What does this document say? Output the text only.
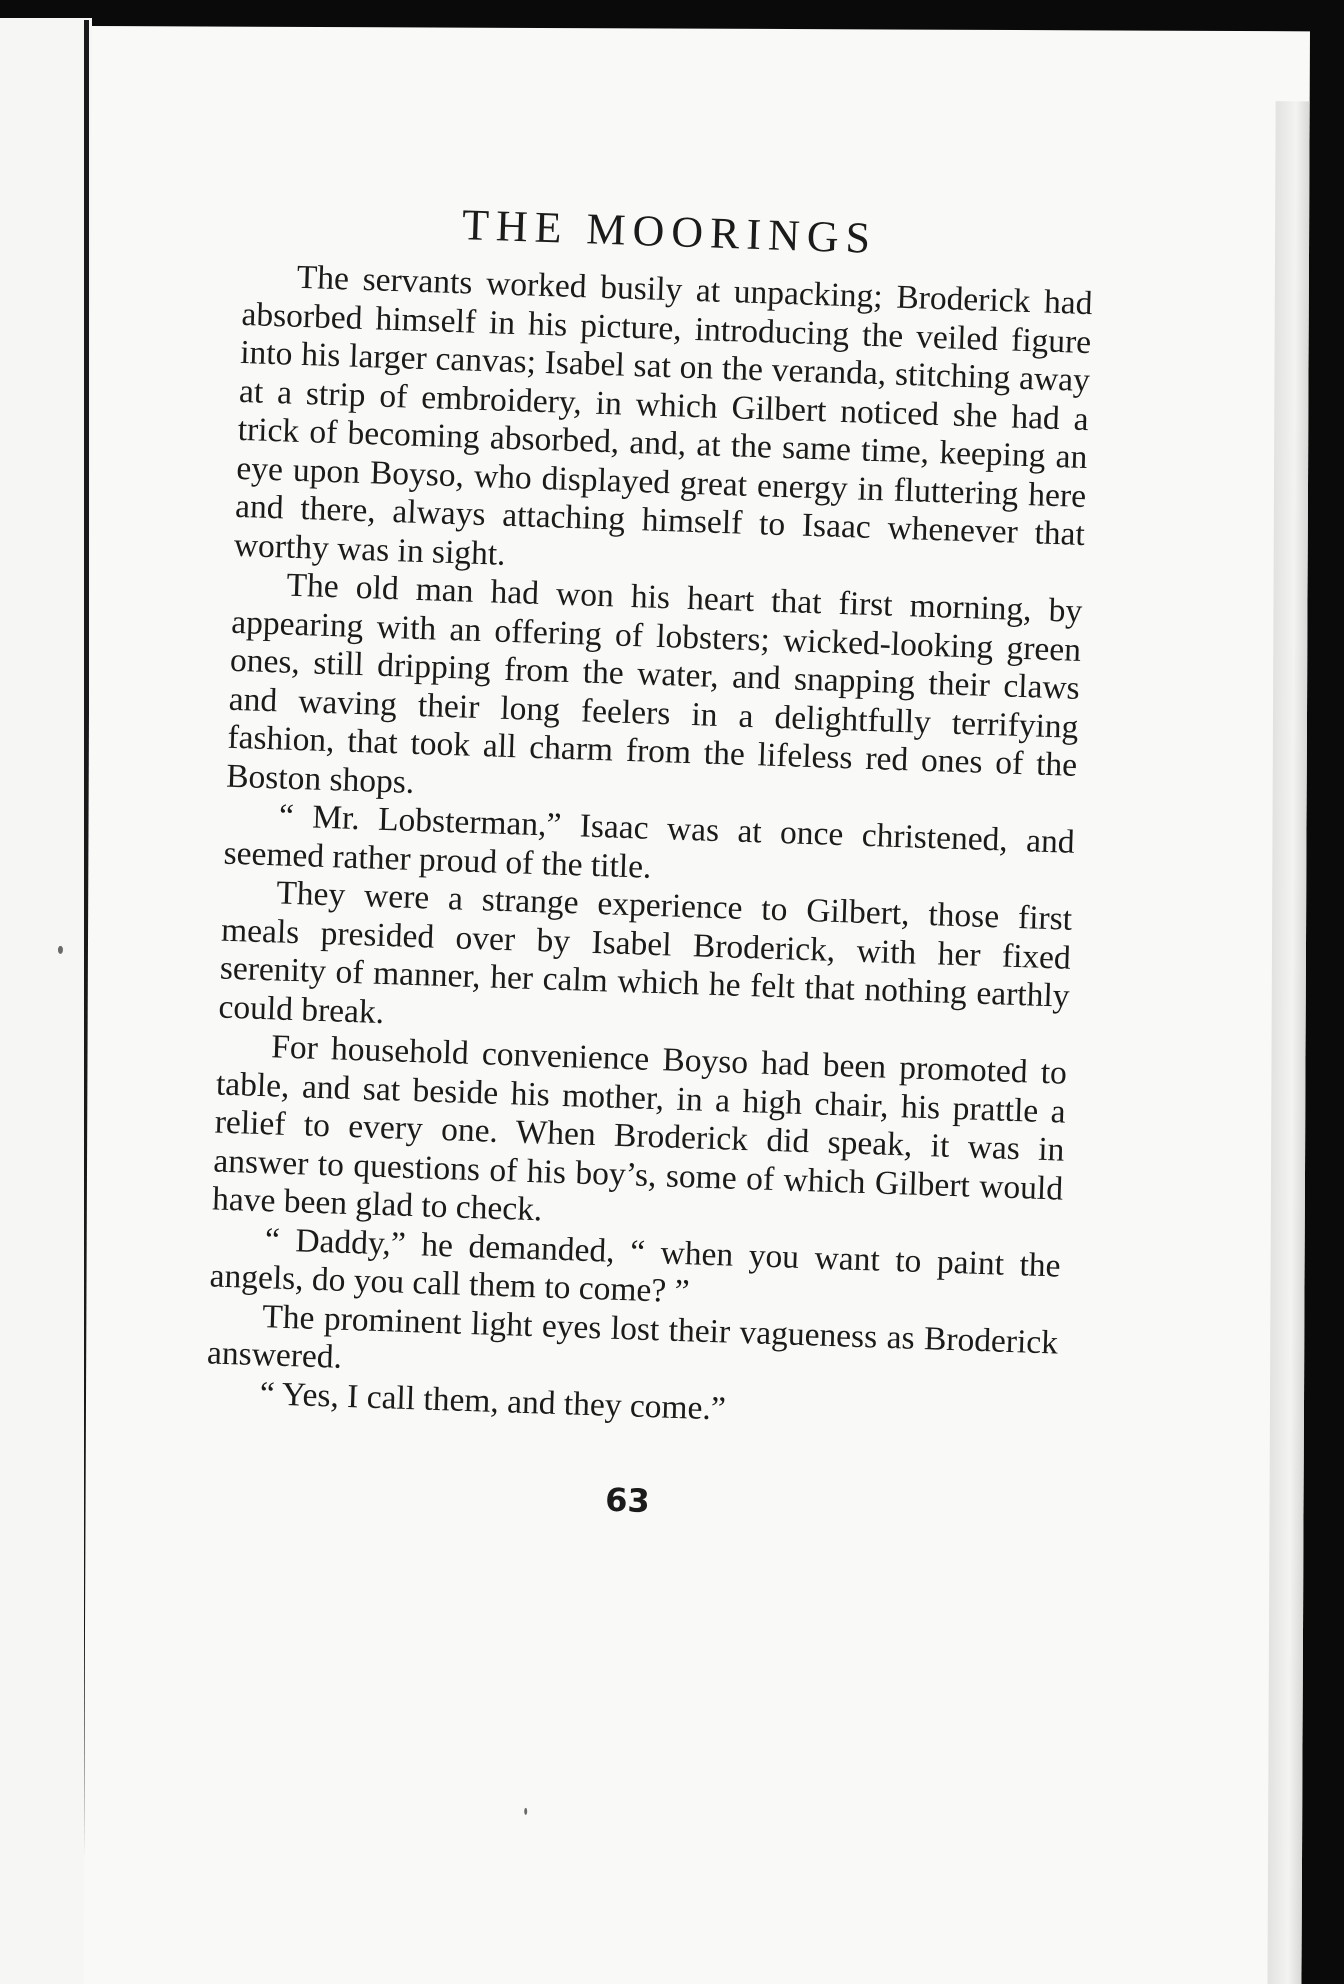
THE MOORINGS

The servants worked busily at unpacking; Broderick had absorbed himself in his picture, introducing the veiled figure into his larger canvas; Isabel sat on the veranda, stitching away at a strip of embroidery, in which Gilbert noticed she had a trick of becoming absorbed, and, at the same time, keeping an eye upon Boyso, who displayed great energy in fluttering here and there, always attaching himself to Isaac whenever that worthy was in sight.

The old man had won his heart that first morning, by appearing with an offering of lobsters; wicked-looking green ones, still dripping from the water, and snapping their claws and waving their long feelers in a delightfully terrifying fashion, that took all charm from the lifeless red ones of the Boston shops.

“ Mr. Lobsterman,” Isaac was at once christened, and seemed rather proud of the title.

They were a strange experience to Gilbert, those first meals presided over by Isabel Broderick, with her fixed serenity of manner, her calm which he felt that nothing earthly could break.

For household convenience Boyso had been promoted to table, and sat beside his mother, in a high chair, his prattle a relief to every one. When Broderick did speak, it was in answer to questions of his boy’s, some of which Gilbert would have been glad to check.

“ Daddy,” he demanded, “ when you want to paint the angels, do you call them to come? ”

The prominent light eyes lost their vagueness as Broderick answered.

“ Yes, I call them, and they come.”

63
